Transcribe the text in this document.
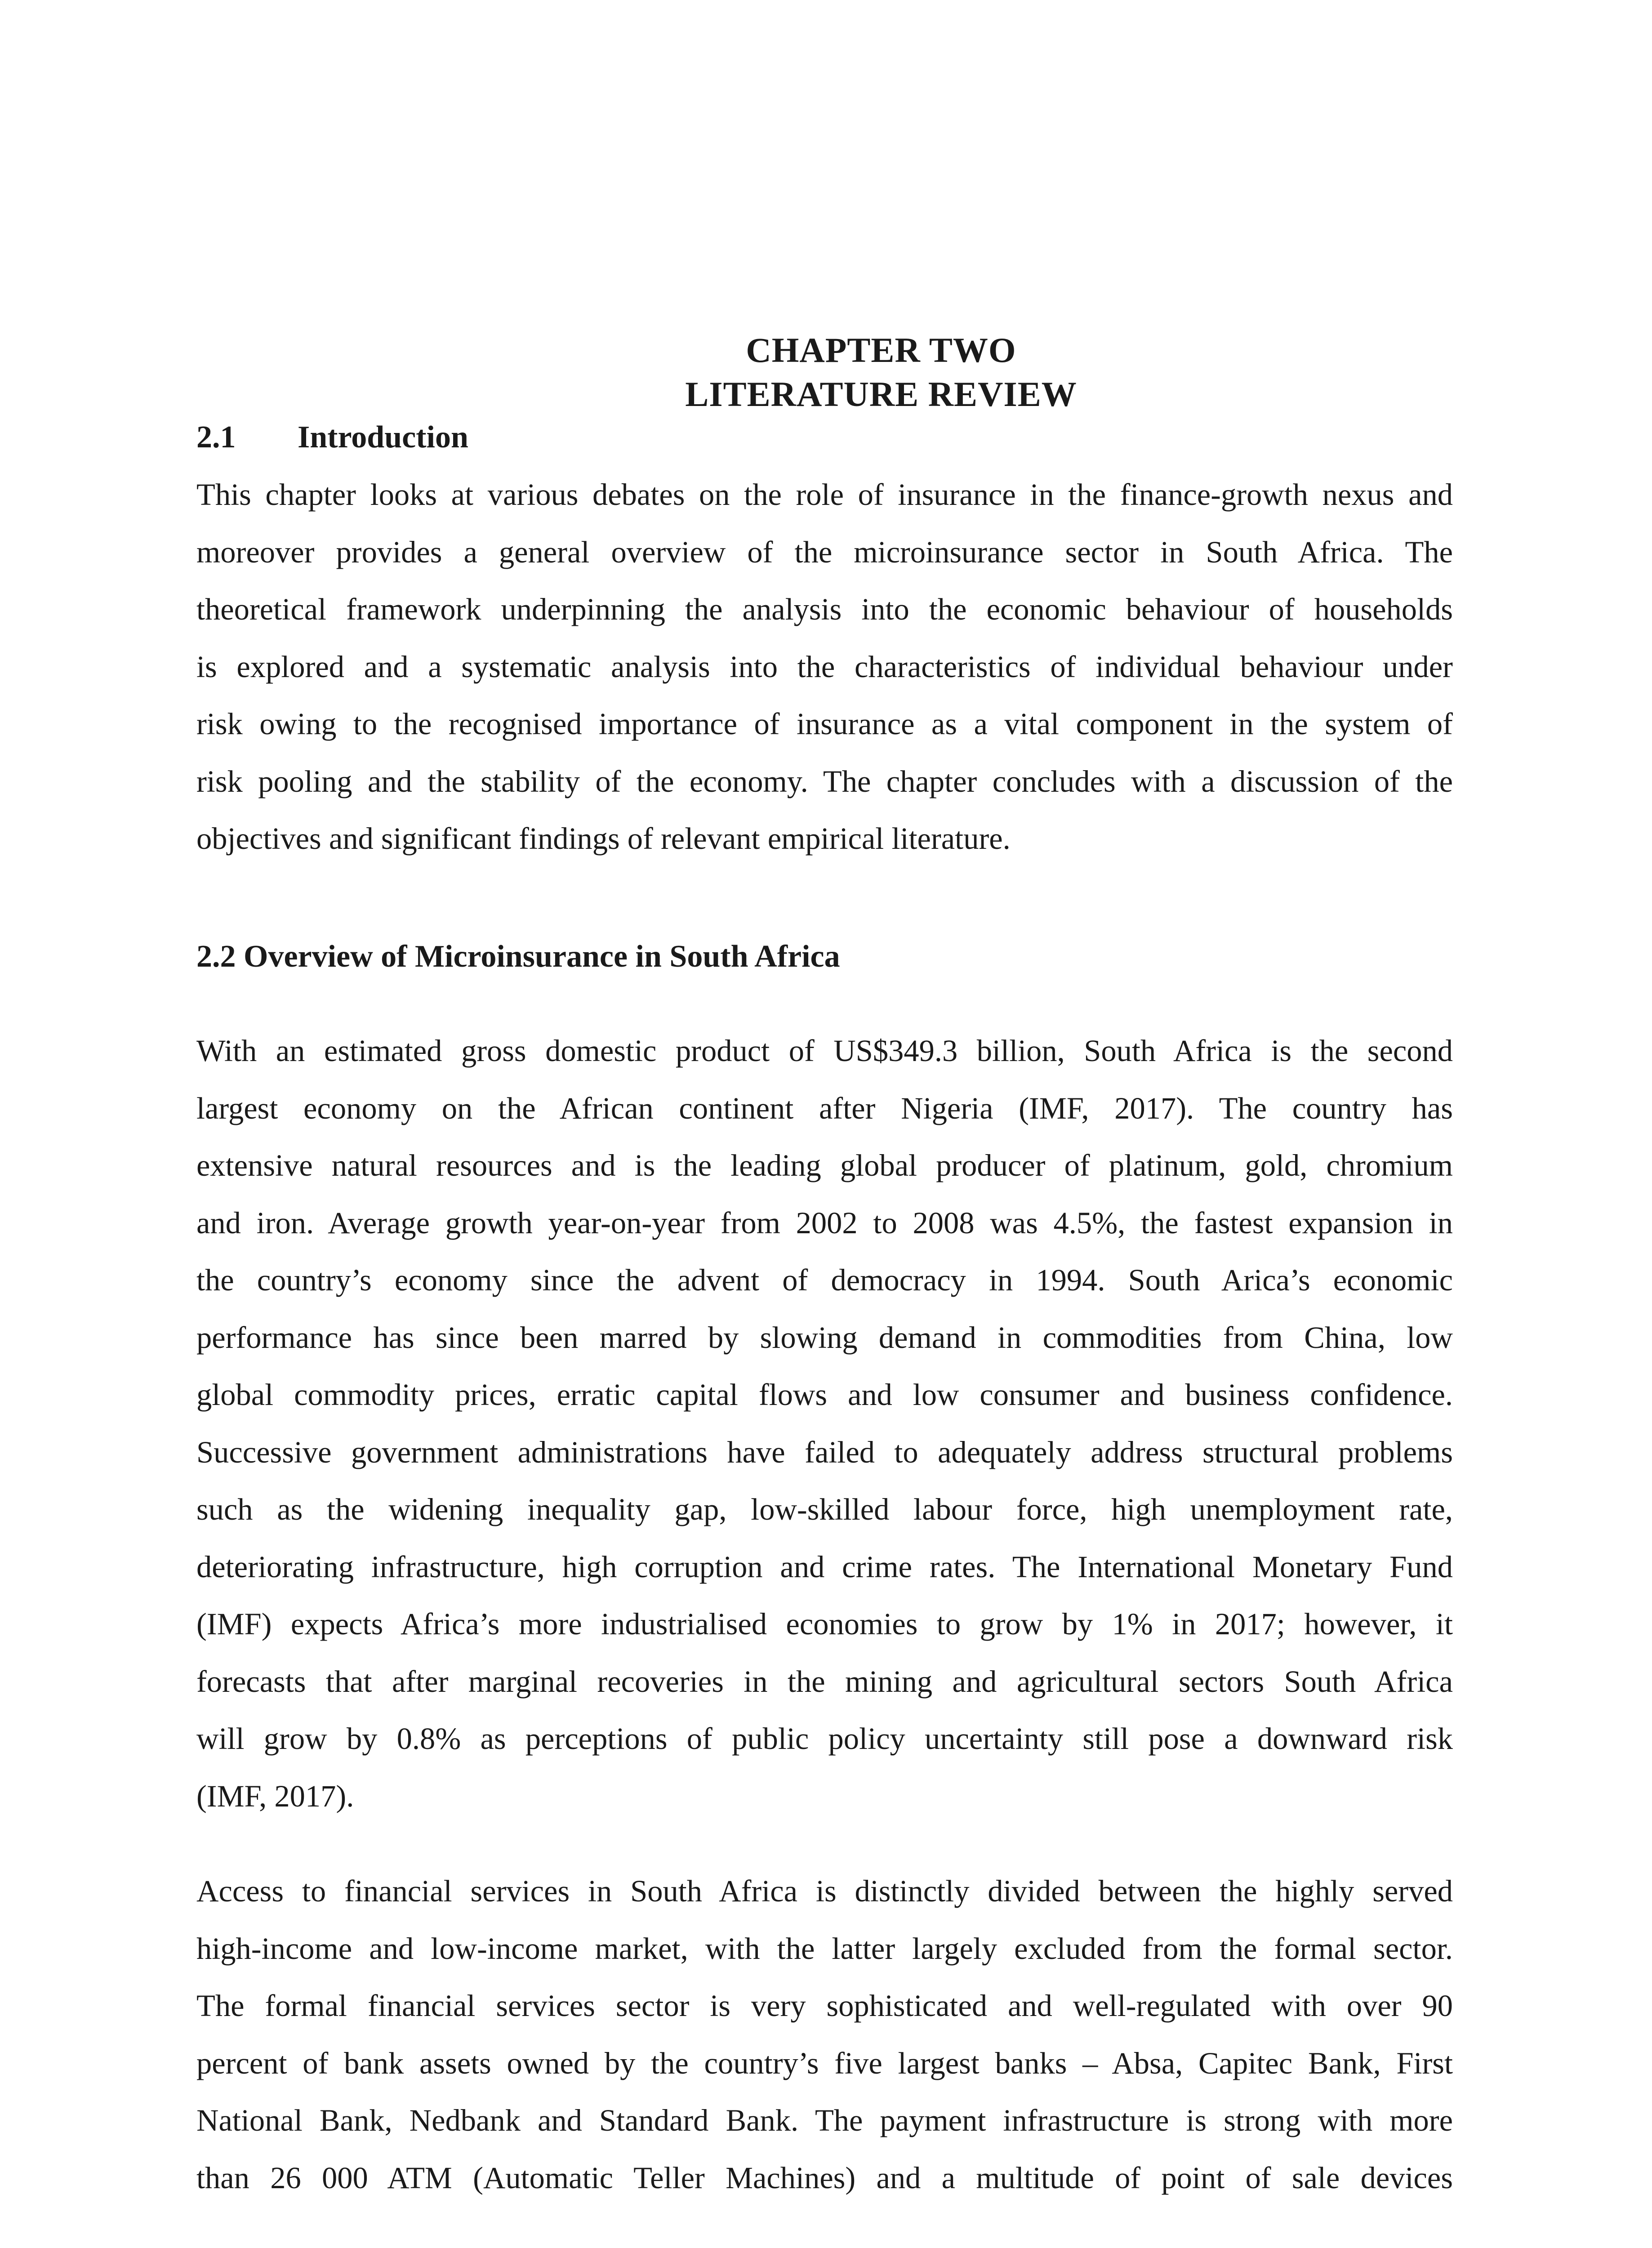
CHAPTER TWO
LITERATURE REVIEW
2.1 Introduction
This chapter looks at various debates on the role of insurance in the finance-growth nexus and
moreover provides a general overview of the microinsurance sector in South Africa. The
theoretical framework underpinning the analysis into the economic behaviour of households
is explored and a systematic analysis into the characteristics of individual behaviour under
risk owing to the recognised importance of insurance as a vital component in the system of
risk pooling and the stability of the economy. The chapter concludes with a discussion of the
objectives and significant findings of relevant empirical literature.
2.2 Overview of Microinsurance in South Africa
With an estimated gross domestic product of US$349.3 billion, South Africa is the second
largest economy on the African continent after Nigeria (IMF, 2017). The country has
extensive natural resources and is the leading global producer of platinum, gold, chromium
and iron. Average growth year-on-year from 2002 to 2008 was 4.5%, the fastest expansion in
the country’s economy since the advent of democracy in 1994. South Arica’s economic
performance has since been marred by slowing demand in commodities from China, low
global commodity prices, erratic capital flows and low consumer and business confidence.
Successive government administrations have failed to adequately address structural problems
such as the widening inequality gap, low-skilled labour force, high unemployment rate,
deteriorating infrastructure, high corruption and crime rates. The International Monetary Fund
(IMF) expects Africa’s more industrialised economies to grow by 1% in 2017; however, it
forecasts that after marginal recoveries in the mining and agricultural sectors South Africa
will grow by 0.8% as perceptions of public policy uncertainty still pose a downward risk
(IMF, 2017).
Access to financial services in South Africa is distinctly divided between the highly served
high-income and low-income market, with the latter largely excluded from the formal sector.
The formal financial services sector is very sophisticated and well-regulated with over 90
percent of bank assets owned by the country’s five largest banks – Absa, Capitec Bank, First
National Bank, Nedbank and Standard Bank. The payment infrastructure is strong with more
than 26 000 ATM (Automatic Teller Machines) and a multitude of point of sale devices
